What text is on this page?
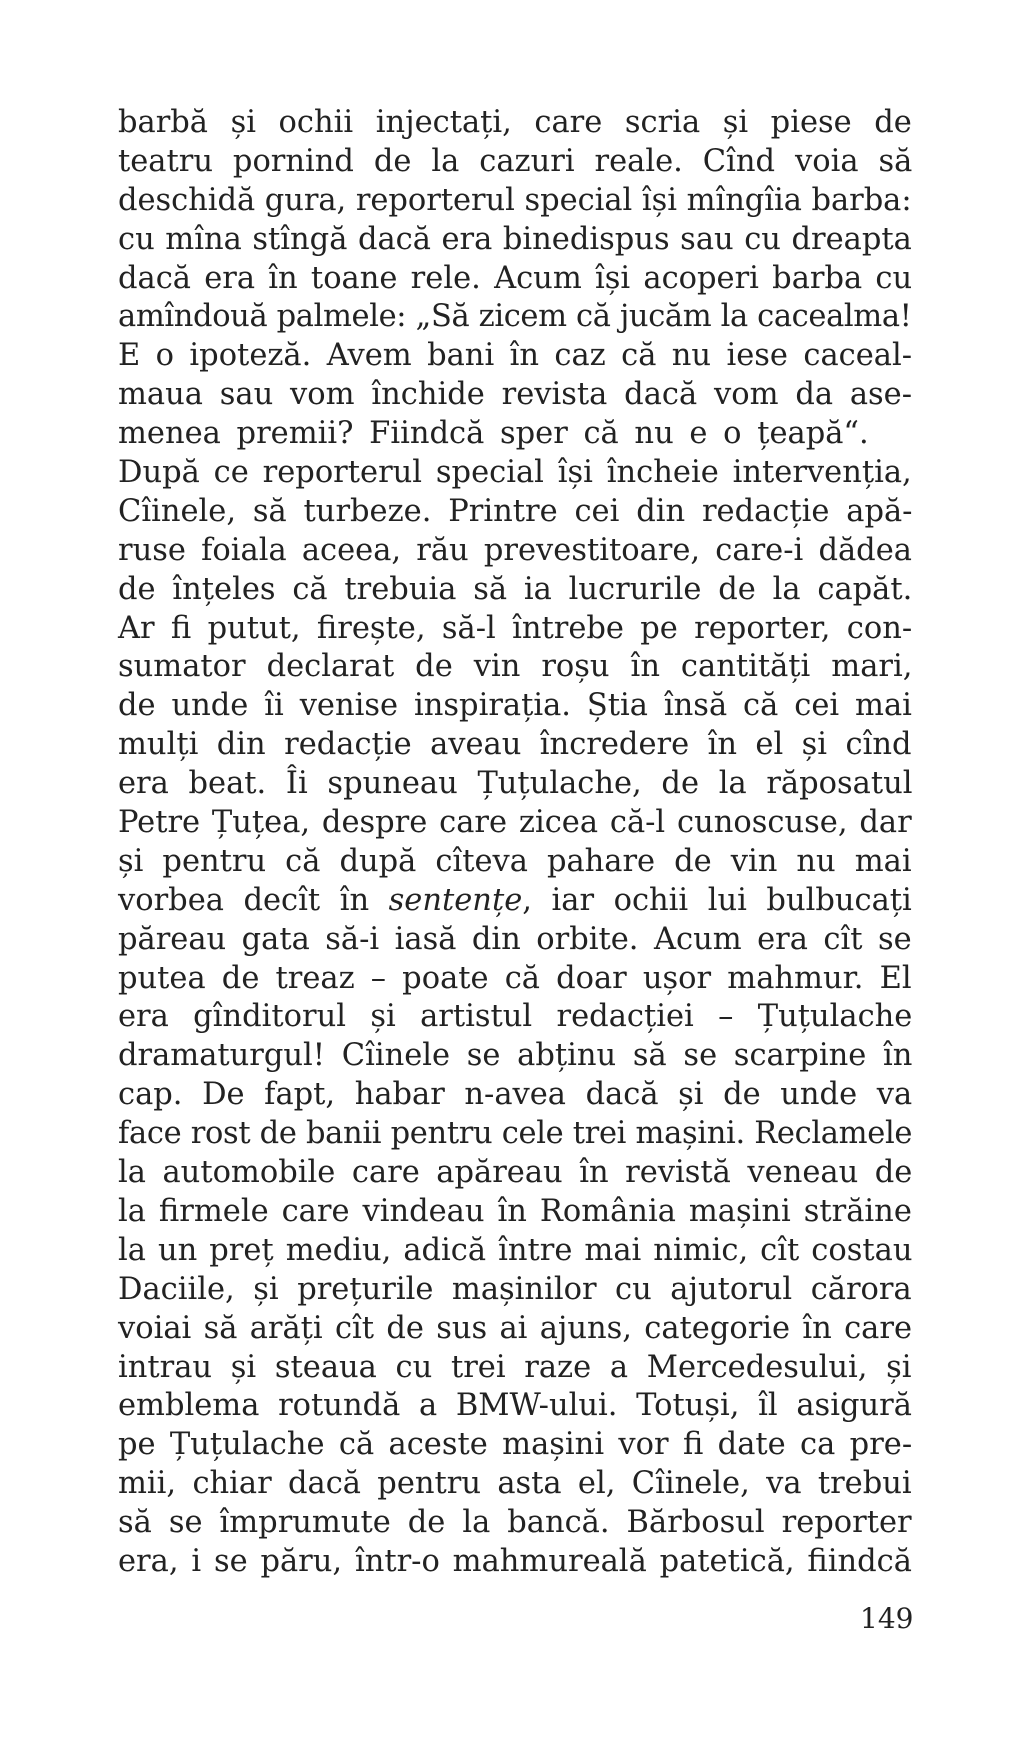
barbă și ochii injectați, care scria și piese de
teatru pornind de la cazuri reale. Cînd voia să
deschidă gura, reporterul special își mîngîia barba:
cu mîna stîngă dacă era binedispus sau cu dreapta
dacă era în toane rele. Acum își acoperi barba cu
amîndouă palmele: „Să zicem că jucăm la cacealma!
E o ipoteză. Avem bani în caz că nu iese caceal-
maua sau vom închide revista dacă vom da ase-
menea premii? Fiindcă sper că nu e o țeapă“.
După ce reporterul special își încheie intervenția,
Cîinele, să turbeze. Printre cei din redacție apă-
ruse foiala aceea, rău prevestitoare, care-i dădea
de înțeles că trebuia să ia lucrurile de la capăt.
Ar fi putut, firește, să-l întrebe pe reporter, con-
sumator declarat de vin roșu în cantități mari,
de unde îi venise inspirația. Știa însă că cei mai
mulți din redacție aveau încredere în el și cînd
era beat. Îi spuneau Țuțulache, de la răposatul
Petre Țuțea, despre care zicea că-l cunoscuse, dar
și pentru că după cîteva pahare de vin nu mai
vorbea decît în sentențe, iar ochii lui bulbucați
păreau gata să-i iasă din orbite. Acum era cît se
putea de treaz – poate că doar ușor mahmur. El
era gînditorul și artistul redacției – Țuțulache
dramaturgul! Cîinele se abținu să se scarpine în
cap. De fapt, habar n-avea dacă și de unde va
face rost de banii pentru cele trei mașini. Reclamele
la automobile care apăreau în revistă veneau de
la firmele care vindeau în România mașini străine
la un preț mediu, adică între mai nimic, cît costau
Daciile, și prețurile mașinilor cu ajutorul cărora
voiai să arăți cît de sus ai ajuns, categorie în care
intrau și steaua cu trei raze a Mercedesului, și
emblema rotundă a BMW-ului. Totuși, îl asigură
pe Țuțulache că aceste mașini vor fi date ca pre-
mii, chiar dacă pentru asta el, Cîinele, va trebui
să se împrumute de la bancă. Bărbosul reporter
era, i se păru, într-o mahmureală patetică, fiindcă
149
